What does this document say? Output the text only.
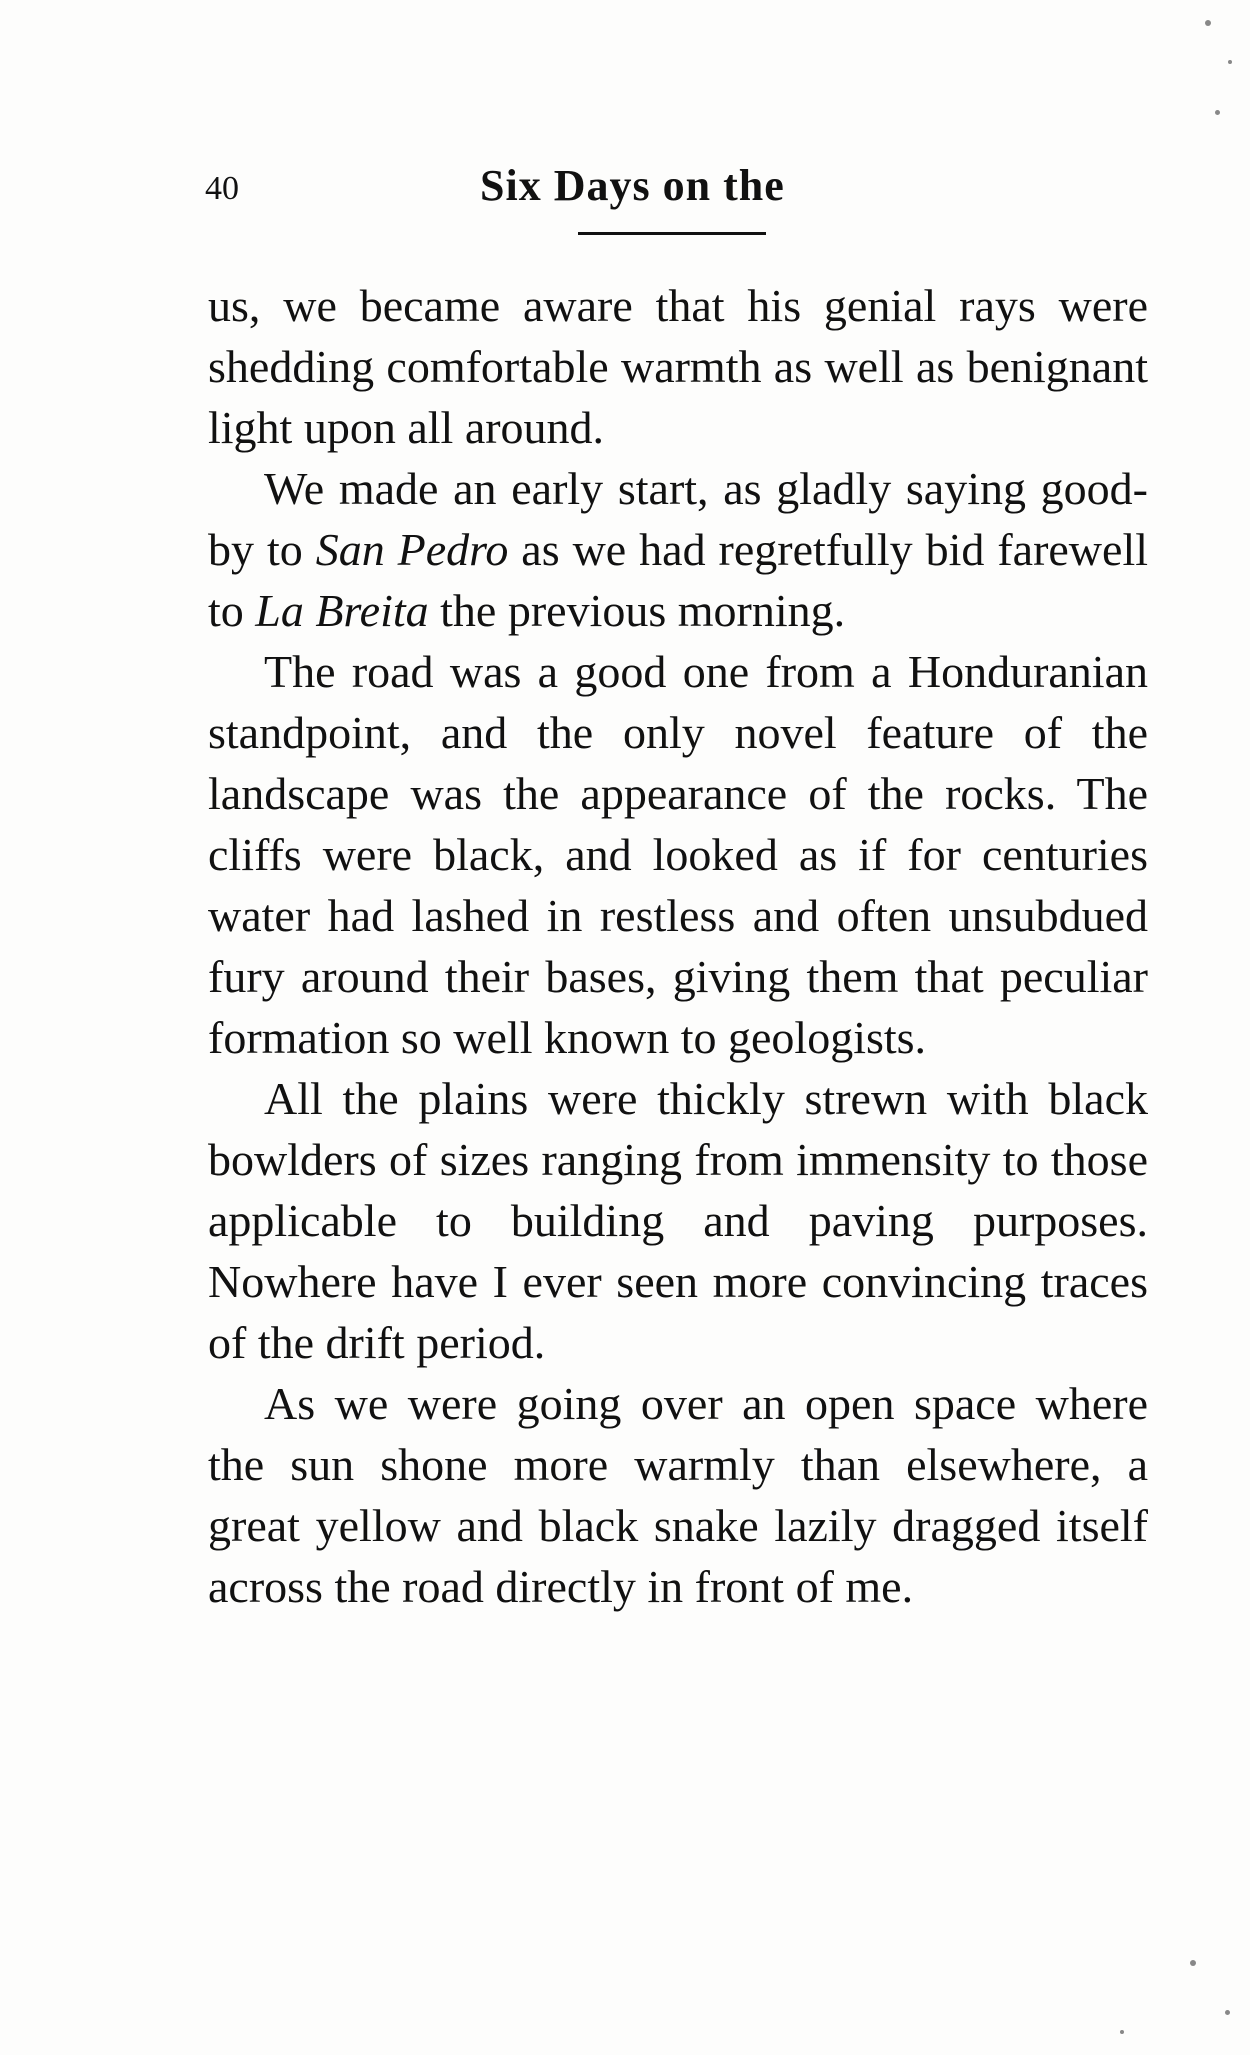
40	Six Days on the

us, we became aware that his genial rays were shedding comfortable warmth as well as benignant light upon all around.

We made an early start, as gladly saying good-by to San Pedro as we had regretfully bid farewell to La Breita the previous morning.

The road was a good one from a Honduranian standpoint, and the only novel feature of the landscape was the appearance of the rocks. The cliffs were black, and looked as if for centuries water had lashed in restless and often unsubdued fury around their bases, giving them that peculiar formation so well known to geologists.

All the plains were thickly strewn with black bowlders of sizes ranging from immensity to those applicable to building and paving purposes. Nowhere have I ever seen more convincing traces of the drift period.

As we were going over an open space where the sun shone more warmly than elsewhere, a great yellow and black snake lazily dragged itself across the road directly in front of me.
